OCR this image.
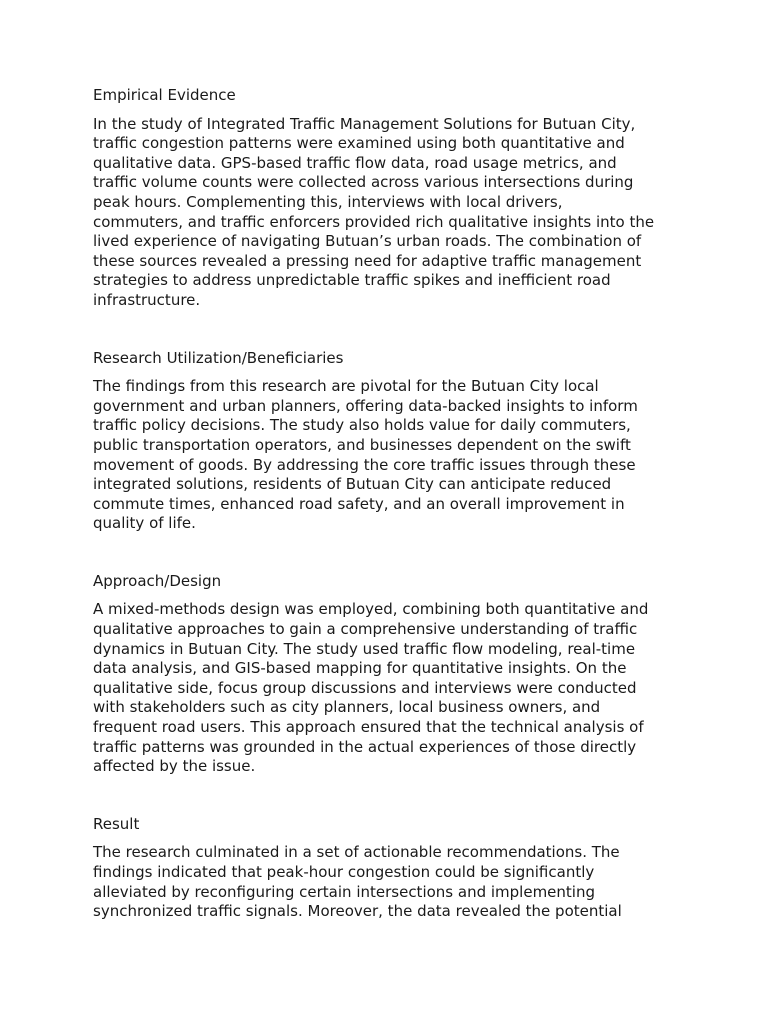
Empirical Evidence

In the study of Integrated Traffic Management Solutions for Butuan City,
traffic congestion patterns were examined using both quantitative and
qualitative data. GPS-based traffic flow data, road usage metrics, and
traffic volume counts were collected across various intersections during
peak hours. Complementing this, interviews with local drivers,
commuters, and traffic enforcers provided rich qualitative insights into the
lived experience of navigating Butuan’s urban roads. The combination of
these sources revealed a pressing need for adaptive traffic management
strategies to address unpredictable traffic spikes and inefficient road
infrastructure.

Research Utilization/Beneficiaries

The findings from this research are pivotal for the Butuan City local
government and urban planners, offering data-backed insights to inform
traffic policy decisions. The study also holds value for daily commuters,
public transportation operators, and businesses dependent on the swift
movement of goods. By addressing the core traffic issues through these
integrated solutions, residents of Butuan City can anticipate reduced
commute times, enhanced road safety, and an overall improvement in
quality of life.

Approach/Design

A mixed-methods design was employed, combining both quantitative and
qualitative approaches to gain a comprehensive understanding of traffic
dynamics in Butuan City. The study used traffic flow modeling, real-time
data analysis, and GIS-based mapping for quantitative insights. On the
qualitative side, focus group discussions and interviews were conducted
with stakeholders such as city planners, local business owners, and
frequent road users. This approach ensured that the technical analysis of
traffic patterns was grounded in the actual experiences of those directly
affected by the issue.

Result

The research culminated in a set of actionable recommendations. The
findings indicated that peak-hour congestion could be significantly
alleviated by reconfiguring certain intersections and implementing
synchronized traffic signals. Moreover, the data revealed the potential
